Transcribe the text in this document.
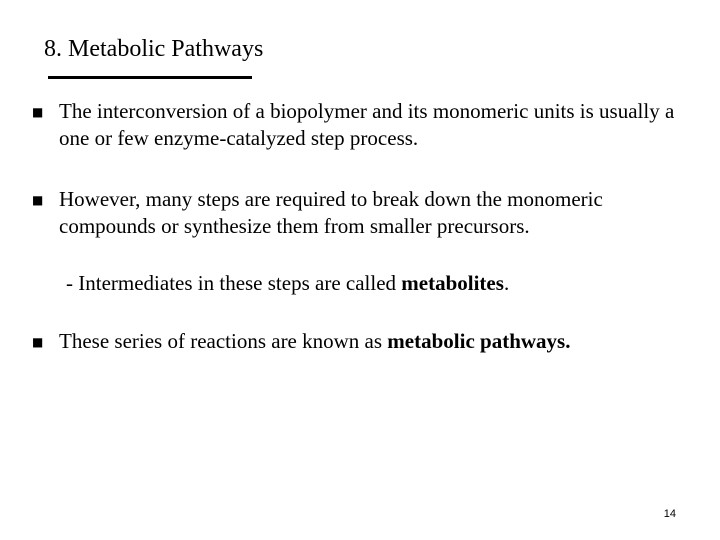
8. Metabolic Pathways
■ The interconversion of a biopolymer and its monomeric units is usually a one or few enzyme-catalyzed step process.
■ However, many steps are required to break down the monomeric compounds or synthesize them from smaller precursors.
- Intermediates in these steps are called metabolites.
■ These series of reactions are known as metabolic pathways.
14
